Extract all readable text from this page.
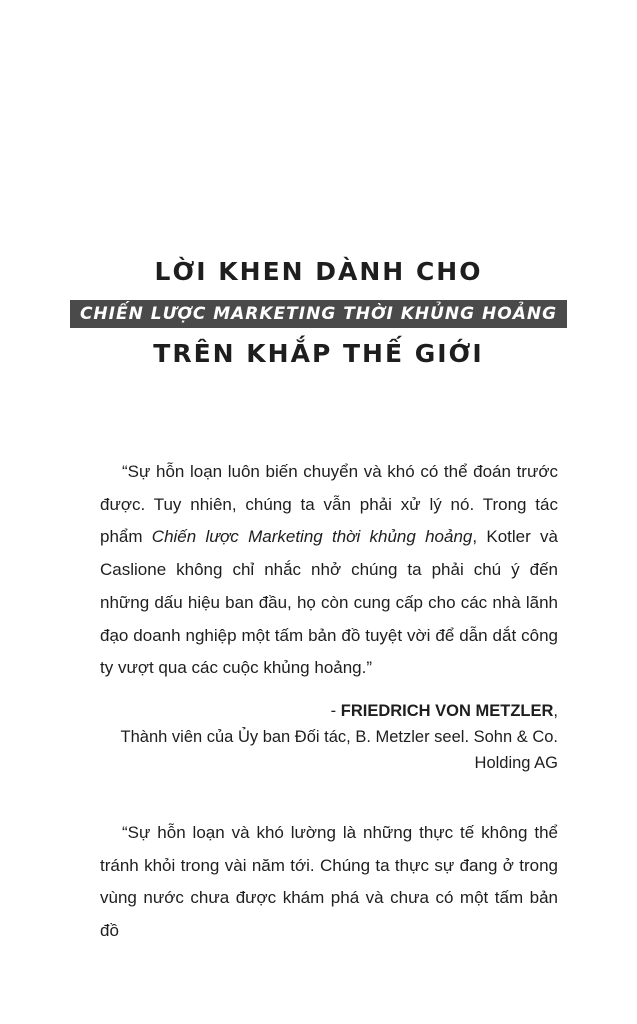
LỜI KHEN DÀNH CHO
CHIẾN LƯỢC MARKETING THỜI KHỦNG HOẢNG
TRÊN KHẮP THẾ GIỚI
“Sự hỗn loạn luôn biến chuyển và khó có thể đoán trước được. Tuy nhiên, chúng ta vẫn phải xử lý nó. Trong tác phẩm Chiến lược Marketing thời khủng hoảng, Kotler và Caslione không chỉ nhắc nhở chúng ta phải chú ý đến những dấu hiệu ban đầu, họ còn cung cấp cho các nhà lãnh đạo doanh nghiệp một tấm bản đồ tuyệt vời để dẫn dắt công ty vượt qua các cuộc khủng hoảng.”
- FRIEDRICH VON METZLER,
Thành viên của Ủy ban Đối tác, B. Metzler seel. Sohn & Co.
Holding AG
“Sự hỗn loạn và khó lường là những thực tế không thể tránh khỏi trong vài năm tới. Chúng ta thực sự đang ở trong vùng nước chưa được khám phá và chưa có một tấm bản đồ
